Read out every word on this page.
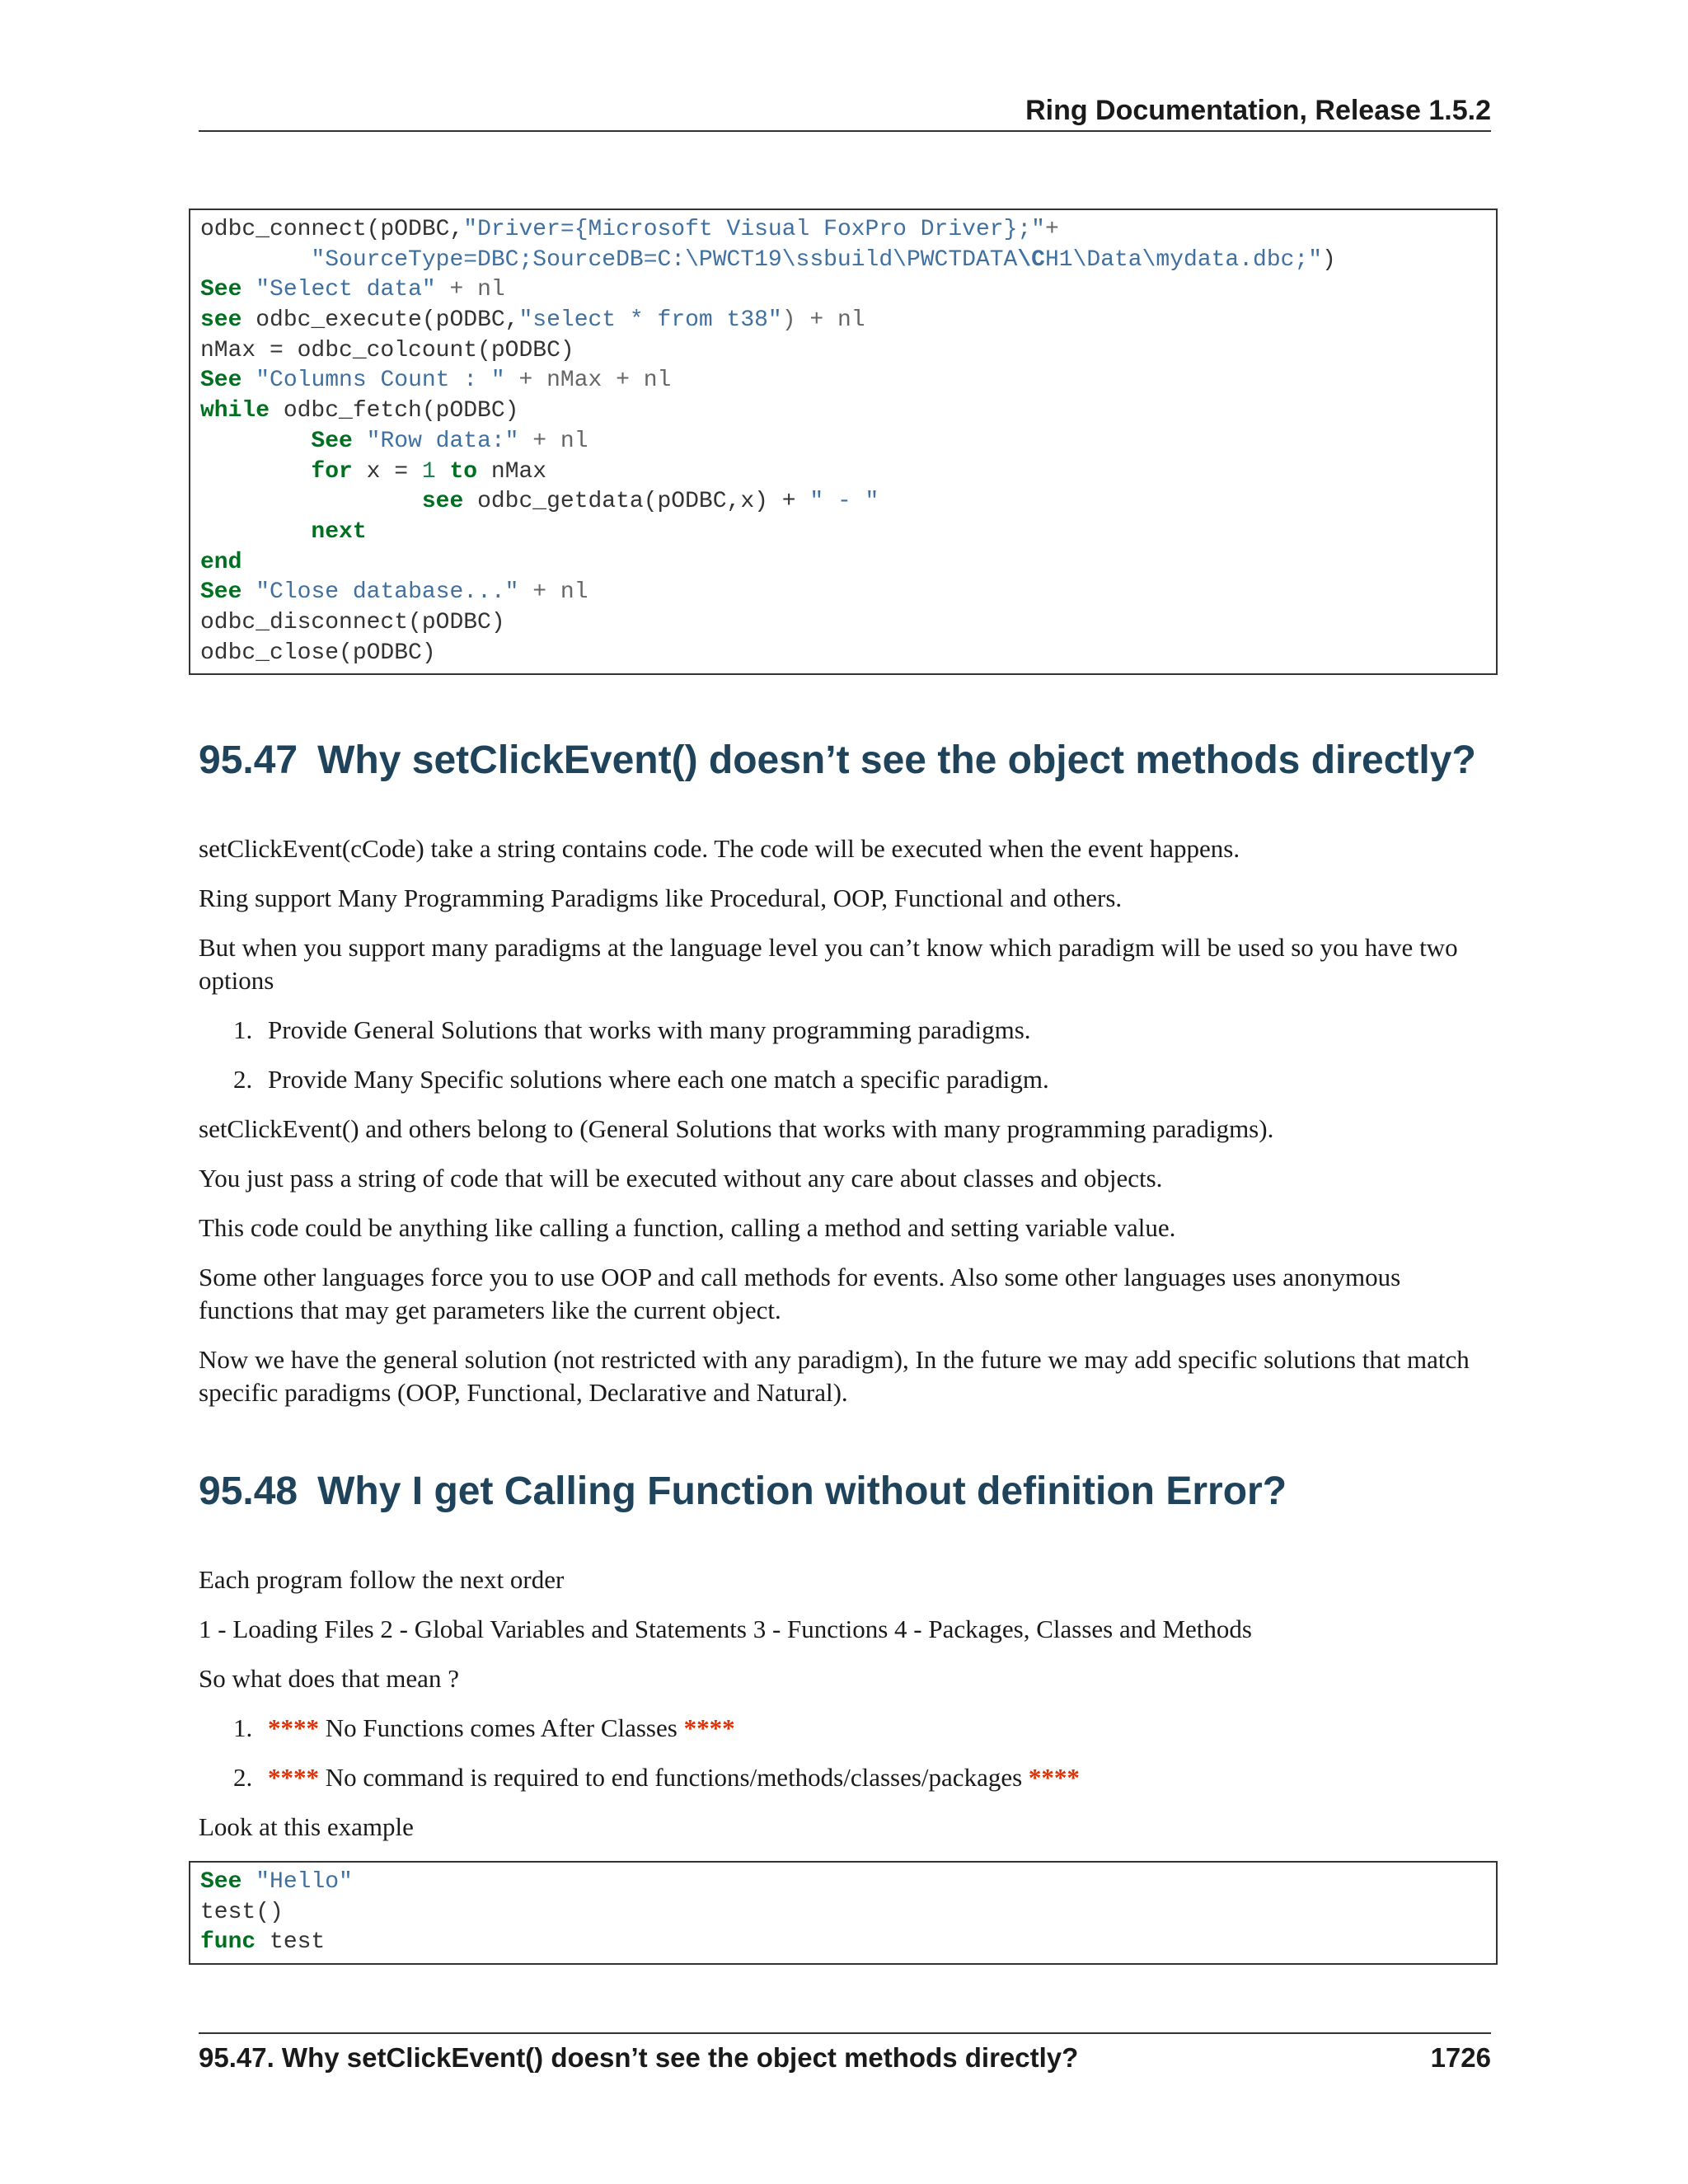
Ring Documentation, Release 1.5.2
odbc_connect(pODBC,"Driver={Microsoft Visual FoxPro Driver};"+
"SourceType=DBC;SourceDB=C:\PWCT19\ssbuild\PWCTDATA\CH1\Data\mydata.dbc;")
See "Select data" + nl
see odbc_execute(pODBC,"select * from t38") + nl
nMax = odbc_colcount(pODBC)
See "Columns Count : " + nMax + nl
while odbc_fetch(pODBC)
See "Row data:" + nl
for x = 1 to nMax
see odbc_getdata(pODBC,x) + " - "
next
end
See "Close database..." + nl
odbc_disconnect(pODBC)
odbc_close(pODBC)
95.47 Why setClickEvent() doesn’t see the object methods directly?
setClickEvent(cCode) take a string contains code. The code will be executed when the event happens.
Ring support Many Programming Paradigms like Procedural, OOP, Functional and others.
But when you support many paradigms at the language level you can’t know which paradigm will be used so you have two options
1. Provide General Solutions that works with many programming paradigms.
2. Provide Many Specific solutions where each one match a specific paradigm.
setClickEvent() and others belong to (General Solutions that works with many programming paradigms).
You just pass a string of code that will be executed without any care about classes and objects.
This code could be anything like calling a function, calling a method and setting variable value.
Some other languages force you to use OOP and call methods for events. Also some other languages uses anonymous functions that may get parameters like the current object.
Now we have the general solution (not restricted with any paradigm), In the future we may add specific solutions that match specific paradigms (OOP, Functional, Declarative and Natural).
95.48 Why I get Calling Function without definition Error?
Each program follow the next order
1 - Loading Files 2 - Global Variables and Statements 3 - Functions 4 - Packages, Classes and Methods
So what does that mean ?
1. **** No Functions comes After Classes ****
2. **** No command is required to end functions/methods/classes/packages ****
Look at this example
See "Hello"
test()
func test
95.47. Why setClickEvent() doesn’t see the object methods directly?	1726
